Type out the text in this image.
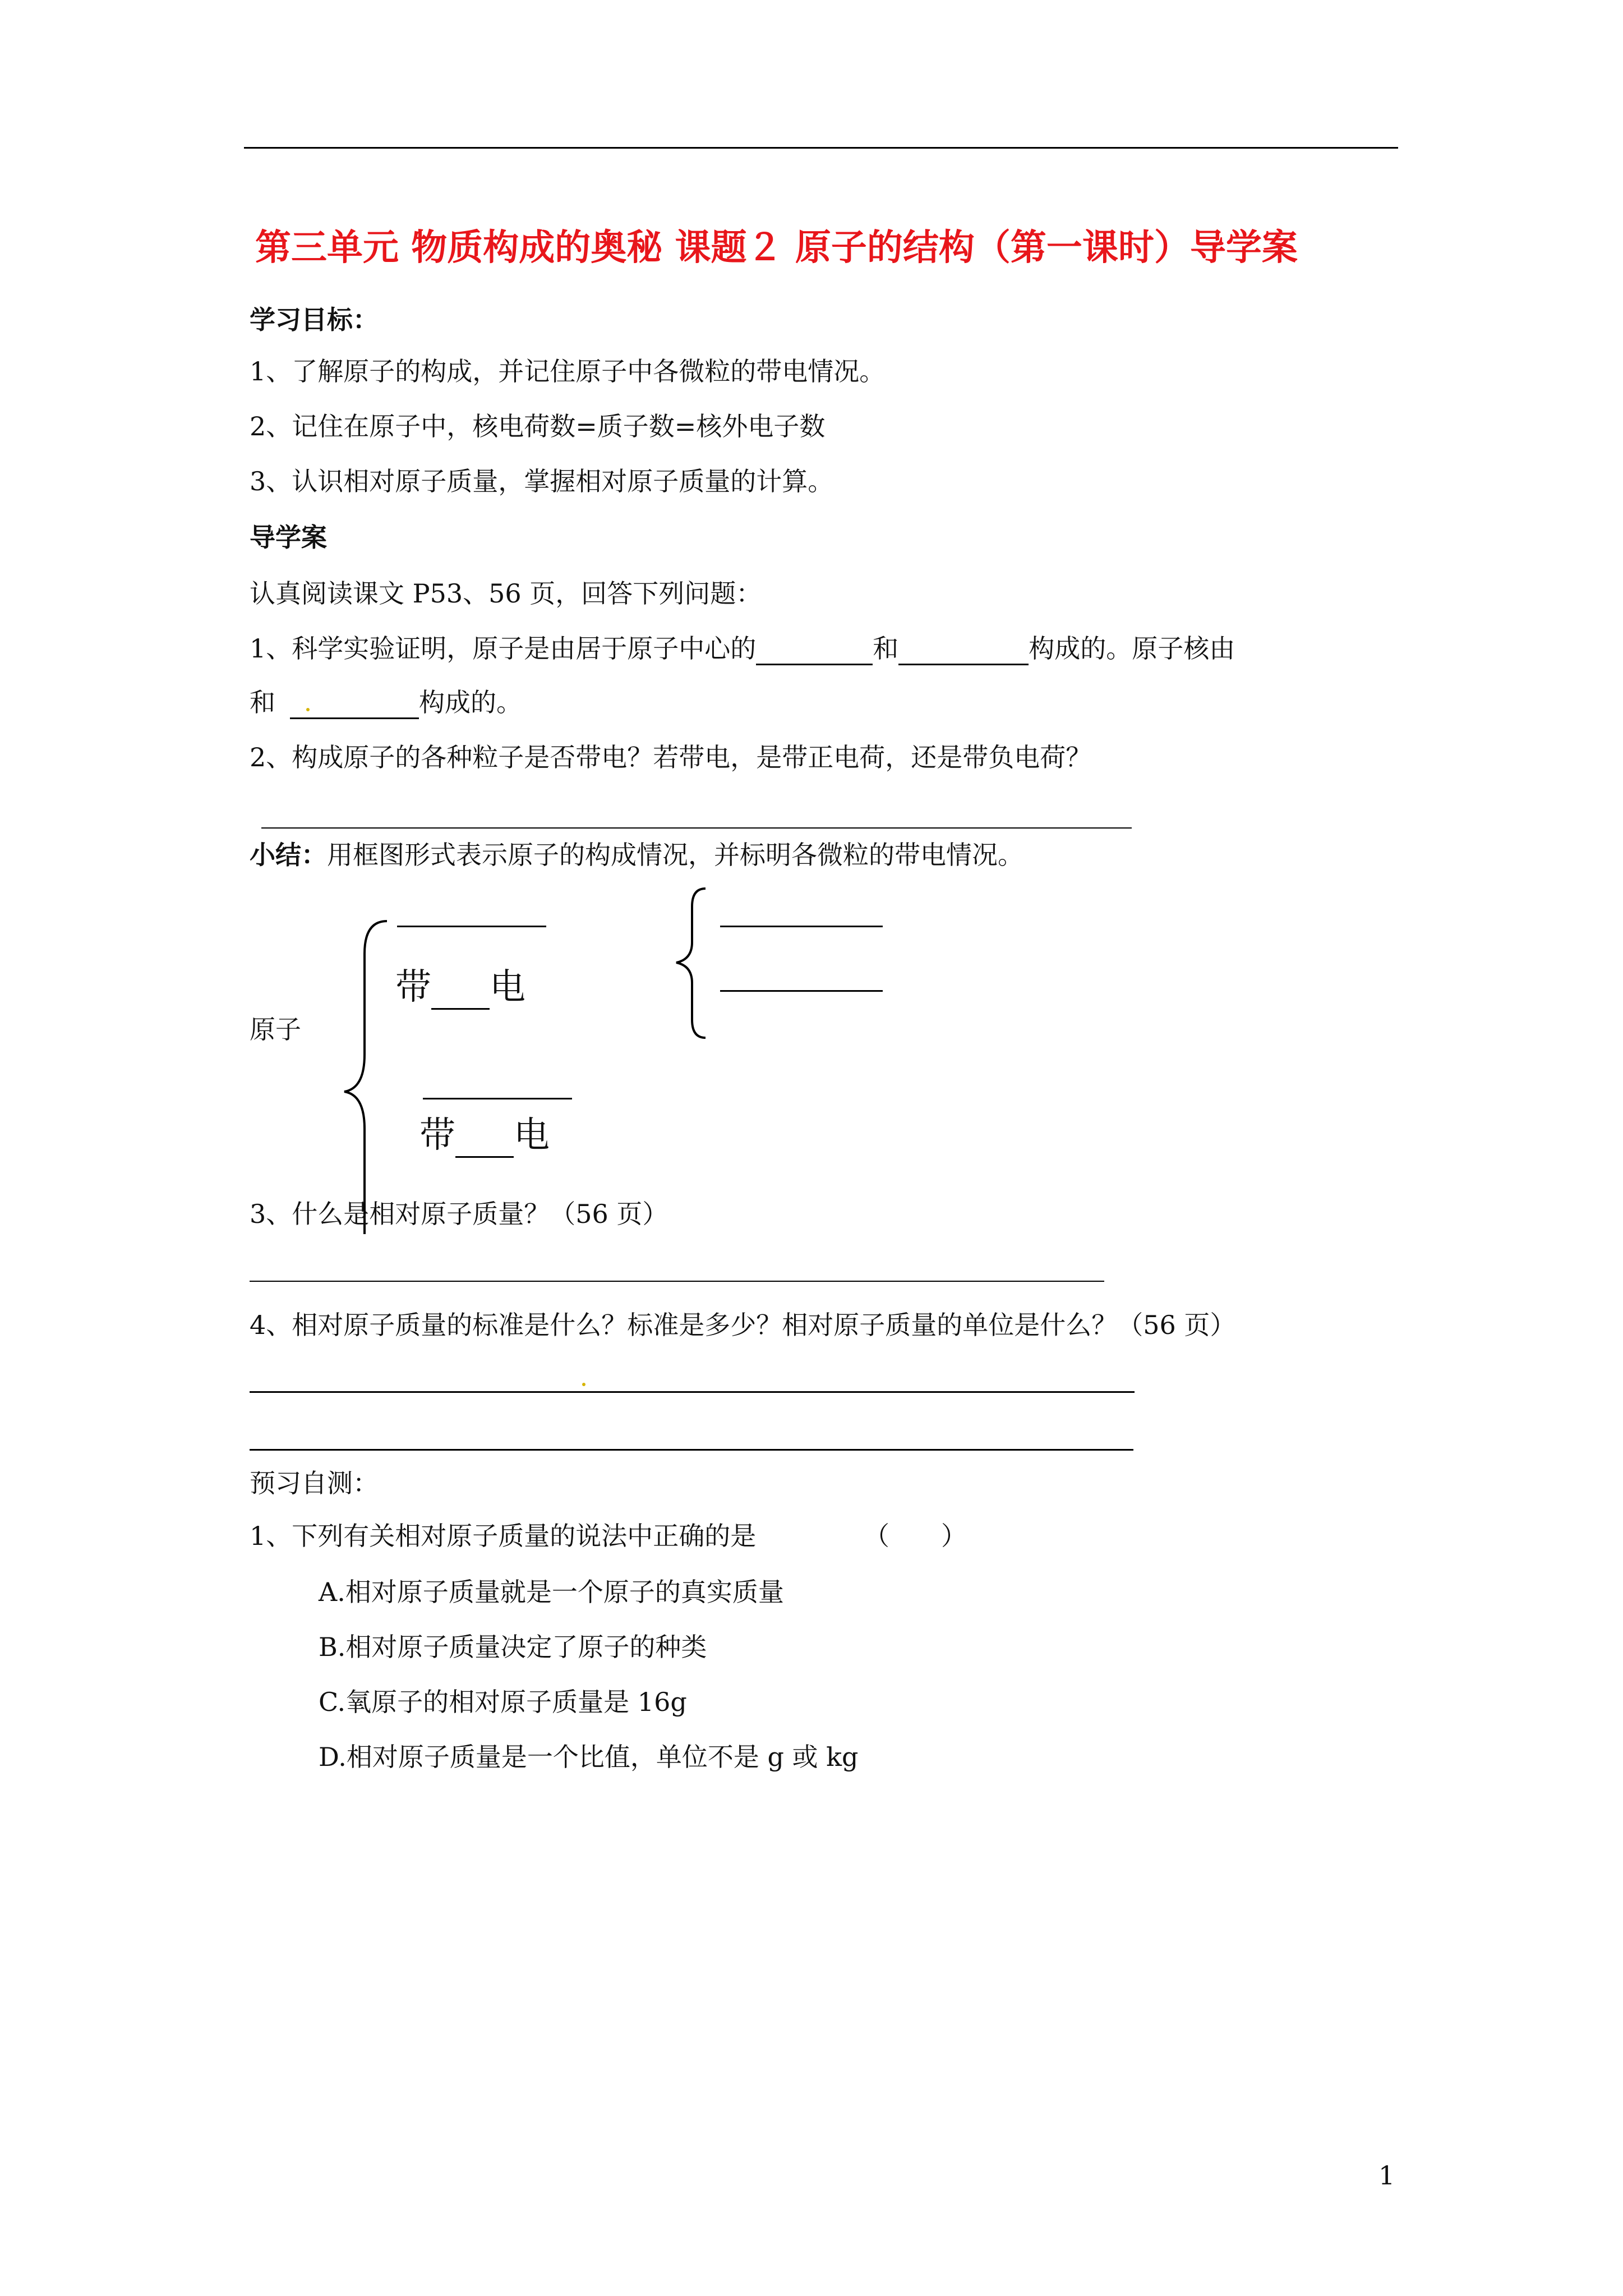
第三单元 物质构成的奥秘 课题２ 原子的结构（第一课时）导学案
学习目标：
1、了解原子的构成，并记住原子中各微粒的带电情况。
2、记住在原子中，核电荷数=质子数=核外电子数
3、认识相对原子质量，掌握相对原子质量的计算。
导学案
认真阅读课文 P53、56 页，回答下列问题：
1、科学实验证明，原子是由居于原子中心的	和	构成的。原子核由
和	构成的。
2、构成原子的各种粒子是否带电？若带电，是带正电荷，还是带负电荷？
小结：用框图形式表示原子的构成情况，并标明各微粒的带电情况。
原子
带 电
带 电
3、什么是相对原子质量？（56 页）
4、相对原子质量的标准是什么？标准是多少？相对原子质量的单位是什么？（56 页）
预习自测：
1、下列有关相对原子质量的说法中正确的是	（　　）
A.相对原子质量就是一个原子的真实质量
B.相对原子质量决定了原子的种类
C.氧原子的相对原子质量是 16g
D.相对原子质量是一个比值，单位不是 g 或 kg
1
